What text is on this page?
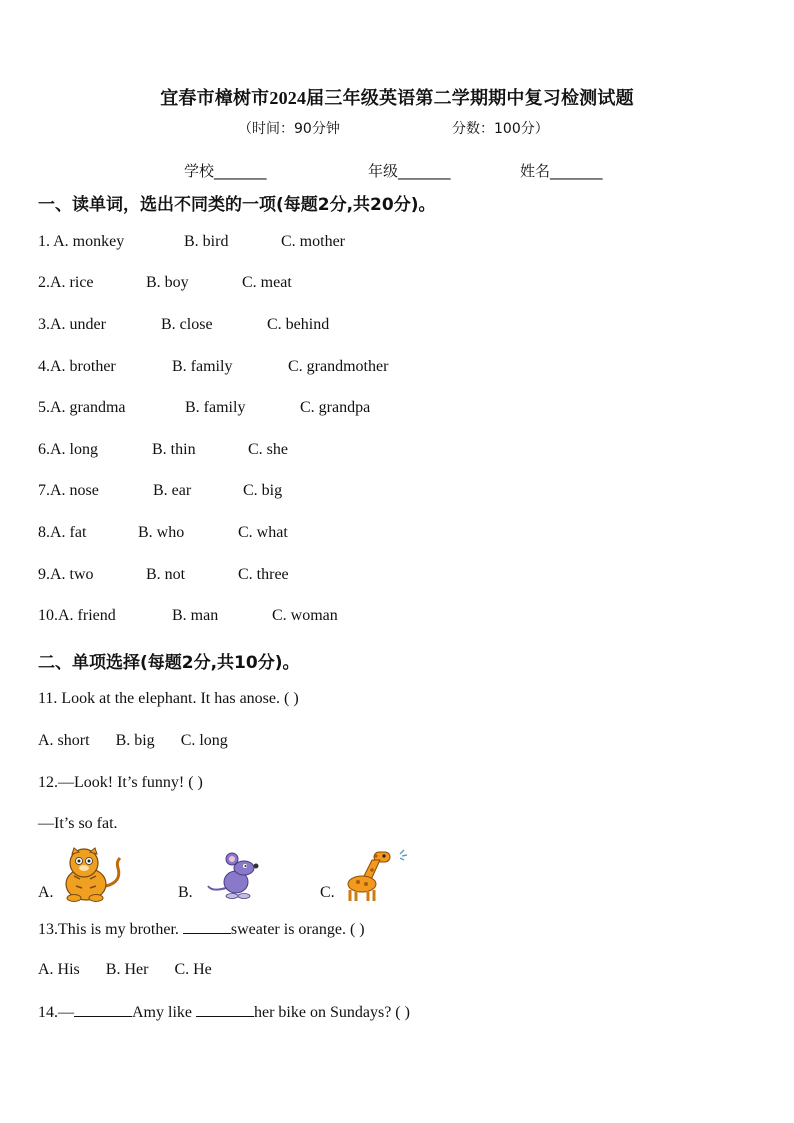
宜春市樟树市2024届三年级英语第二学期期中复习检测试题
（时间：90分钟	分数：100分）
学校_______	年级_______	姓名_______
一、读单词，选出不同类的一项(每题2分,共20分)。
1. A. monkey	B. bird	C. mother
2.A. rice	B. boy	C. meat
3.A. under	B. close	C. behind
4.A. brother	B. family	C. grandmother
5.A. grandma	B. family	C. grandpa
6.A. long	B. thin	C. she
7.A. nose	B. ear	C. big
8.A. fat	B. who	C. what
9.A. two	B. not	C. three
10.A. friend	B. man	C. woman
二、单项选择(每题2分,共10分)。
11. Look at the elephant. It has anose. ( )
A. short B. big C. long
12.—Look! It’s funny! ( )
—It’s so fat.
A.	B.	C.
13.This is my brother.	sweater is orange. ( )
A. His B. Her C. He
14.—	Amy like	her bike on Sundays? ( )
